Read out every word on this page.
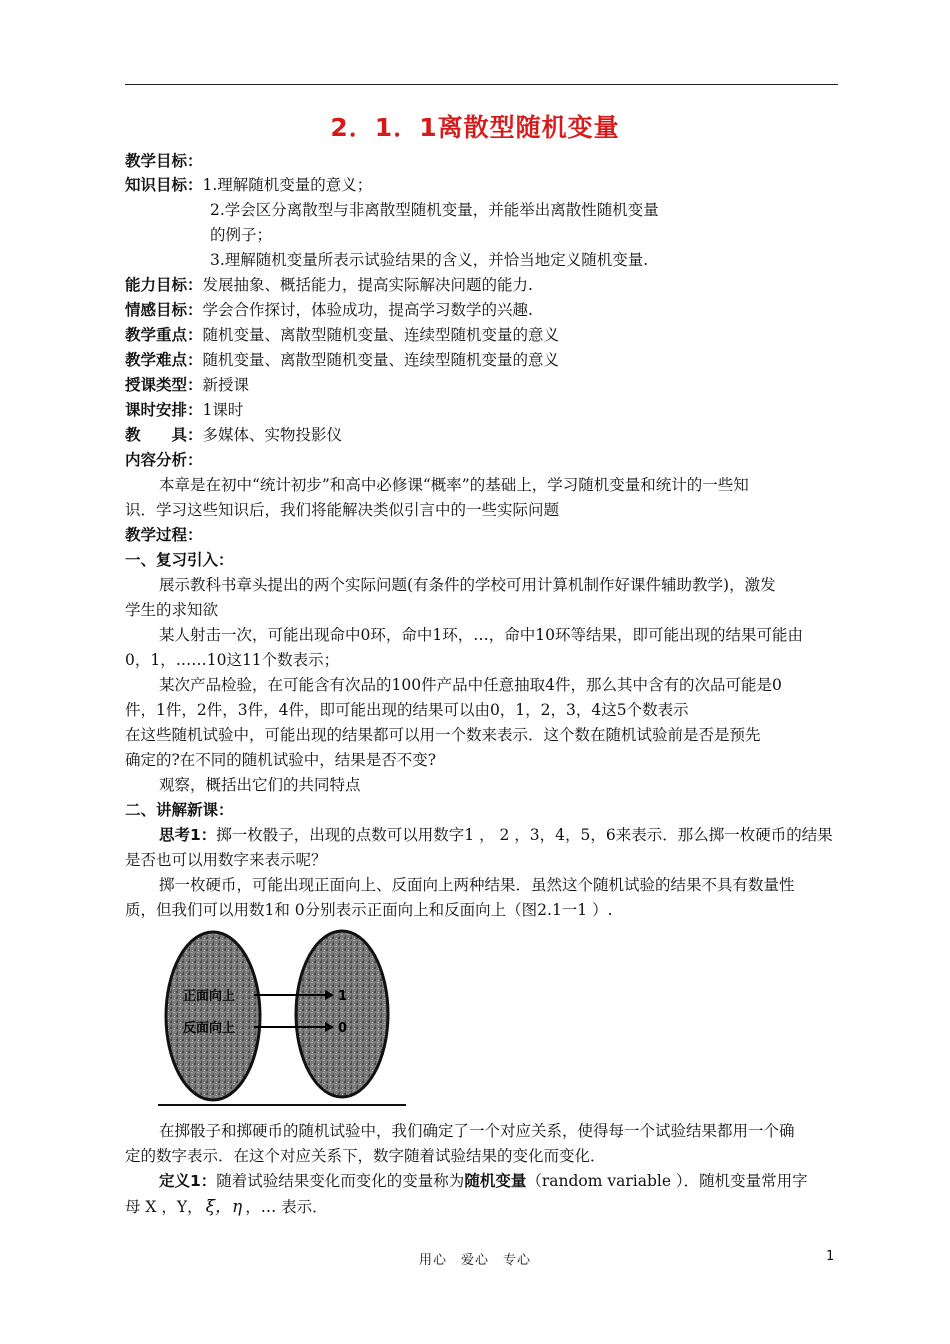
2．1．1离散型随机变量
教学目标：
知识目标：1.理解随机变量的意义；
2.学会区分离散型与非离散型随机变量，并能举出离散性随机变量
的例子；
3.理解随机变量所表示试验结果的含义，并恰当地定义随机变量.
能力目标：发展抽象、概括能力，提高实际解决问题的能力.
情感目标：学会合作探讨，体验成功，提高学习数学的兴趣.
教学重点：随机变量、离散型随机变量、连续型随机变量的意义
教学难点：随机变量、离散型随机变量、连续型随机变量的意义
授课类型：新授课
课时安排：1课时
教　　具：多媒体、实物投影仪
内容分析：
本章是在初中“统计初步”和高中必修课“概率”的基础上，学习随机变量和统计的一些知
识．学习这些知识后，我们将能解决类似引言中的一些实际问题
教学过程：
一、复习引入：
展示教科书章头提出的两个实际问题(有条件的学校可用计算机制作好课件辅助教学)，激发
学生的求知欲
某人射击一次，可能出现命中0环，命中1环，…，命中10环等结果，即可能出现的结果可能由
0，1，……10这11个数表示；
某次产品检验，在可能含有次品的100件产品中任意抽取4件，那么其中含有的次品可能是0
件，1件，2件，3件，4件，即可能出现的结果可以由0，1，2，3，4这5个数表示
在这些随机试验中，可能出现的结果都可以用一个数来表示．这个数在随机试验前是否是预先
确定的?在不同的随机试验中，结果是否不变?
观察，概括出它们的共同特点
二、讲解新课：
思考1：掷一枚骰子，出现的点数可以用数字1 ， 2 ，3，4，5，6来表示．那么掷一枚硬币的结果
是否也可以用数字来表示呢？
掷一枚硬币，可能出现正面向上、反面向上两种结果．虽然这个随机试验的结果不具有数量性
质，但我们可以用数1和 0分别表示正面向上和反面向上（图2.1一1 ）.
正面向上
反面向上
1
0
在掷骰子和掷硬币的随机试验中，我们确定了一个对应关系，使得每一个试验结果都用一个确
定的数字表示．在这个对应关系下，数字随着试验结果的变化而变化．
定义1：随着试验结果变化而变化的变量称为随机变量（random variable ）．随机变量常用字
母 X ，Y， ξ，η ，… 表示．
用心　爱心　专心	1
